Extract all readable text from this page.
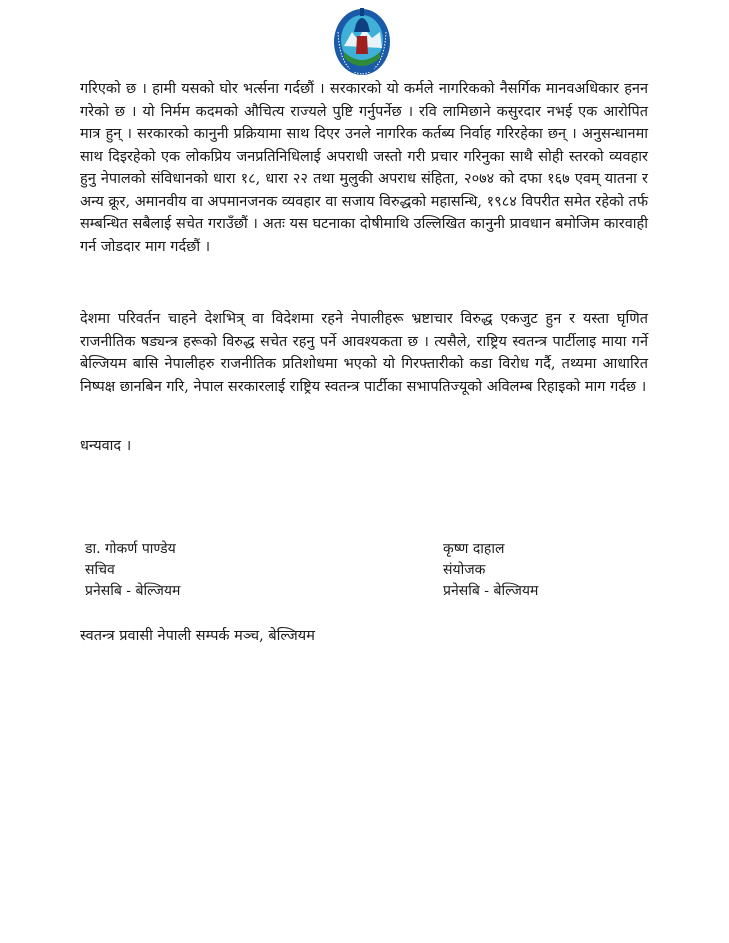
गरिएको छ । हामी यसको घोर भर्त्सना गर्दछौं । सरकारको यो कर्मले नागरिकको नैसर्गिक मानवअधिकार हनन गरेको छ । यो निर्मम कदमको औचित्य राज्यले पुष्टि गर्नुपर्नेछ । रवि लामिछाने कसुरदार नभई एक आरोपित मात्र हुन् । सरकारको कानुनी प्रक्रियामा साथ दिएर उनले नागरिक कर्तब्य निर्वाह गरिरहेका छन् । अनुसन्धानमा साथ दिइरहेको एक लोकप्रिय जनप्रतिनिधिलाई अपराधी जस्तो गरी प्रचार गरिनुका साथै सोही स्तरको व्यवहार हुनु नेपालको संविधानको धारा १८, धारा २२ तथा मुलुकी अपराध संहिता, २०७४ को दफा १६७ एवम् यातना र अन्य क्रूर, अमानवीय वा अपमानजनक व्यवहार वा सजाय विरुद्धको महासन्धि, १९८४ विपरीत समेत रहेको तर्फ सम्बन्धित सबैलाई सचेत गराउँछौं । अतः यस घटनाका दोषीमाथि उल्लिखित कानुनी प्रावधान बमोजिम कारवाही गर्न जोडदार माग गर्दछौं ।
देशमा परिवर्तन चाहने देशभित्र् वा विदेशमा रहने नेपालीहरू भ्रष्टाचार विरुद्ध एकजुट हुन र यस्ता घृणित राजनीतिक षड्यन्त्र हरूको विरुद्ध सचेत रहनु पर्ने आवश्यकता छ । त्यसैले, राष्ट्रिय स्वतन्त्र पार्टीलाइ माया गर्ने बेल्जियम बासि नेपालीहरु राजनीतिक प्रतिशोधमा भएको यो गिरफ्तारीको कडा विरोध गर्दै, तथ्यमा आधारित निष्पक्ष छानबिन गरि, नेपाल सरकारलाई राष्ट्रिय स्वतन्त्र पार्टीका सभापतिज्यूको अविलम्ब रिहाइको माग गर्दछ ।
धन्यवाद ।
डा. गोकर्ण पाण्डेय
सचिव
प्रनेसबि - बेल्जियम
कृष्ण दाहाल
संयोजक
प्रनेसबि - बेल्जियम
स्वतन्त्र प्रवासी नेपाली सम्पर्क मञ्च, बेल्जियम
